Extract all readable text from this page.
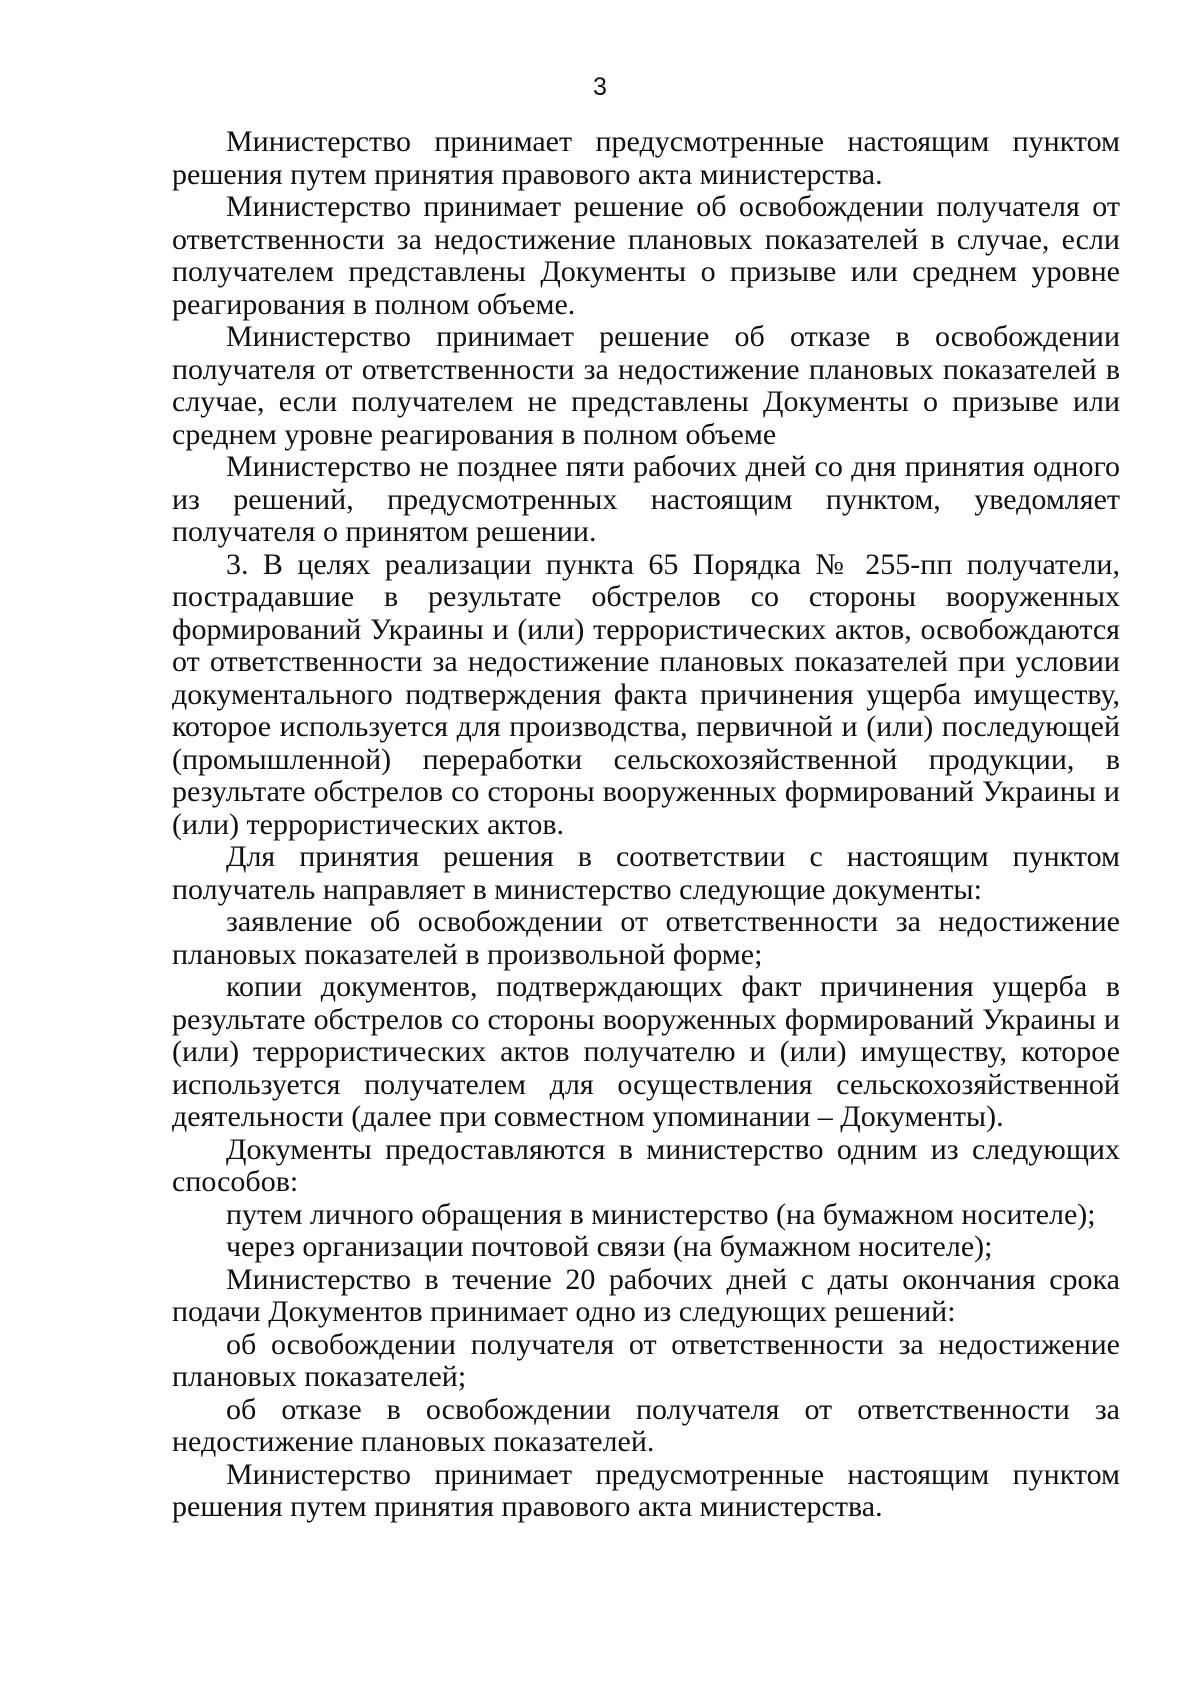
3

Министерство принимает предусмотренные настоящим пунктом решения путем принятия правового акта министерства.

Министерство принимает решение об освобождении получателя от ответственности за недостижение плановых показателей в случае, если получателем представлены Документы о призыве или среднем уровне реагирования в полном объеме.

Министерство принимает решение об отказе в освобождении получателя от ответственности за недостижение плановых показателей в случае, если получателем не представлены Документы о призыве или среднем уровне реагирования в полном объеме

Министерство не позднее пяти рабочих дней со дня принятия одного из решений, предусмотренных настоящим пунктом, уведомляет получателя о принятом решении.

3. В целях реализации пункта 65 Порядка № 255-пп получатели, пострадавшие в результате обстрелов со стороны вооруженных формирований Украины и (или) террористических актов, освобождаются от ответственности за недостижение плановых показателей при условии документального подтверждения факта причинения ущерба имуществу, которое используется для производства, первичной и (или) последующей (промышленной) переработки сельскохозяйственной продукции, в результате обстрелов со стороны вооруженных формирований Украины и (или) террористических актов.

Для принятия решения в соответствии с настоящим пунктом получатель направляет в министерство следующие документы:

заявление об освобождении от ответственности за недостижение плановых показателей в произвольной форме;

копии документов, подтверждающих факт причинения ущерба в результате обстрелов со стороны вооруженных формирований Украины и (или) террористических актов получателю и (или) имуществу, которое используется получателем для осуществления сельскохозяйственной деятельности (далее при совместном упоминании – Документы).

Документы предоставляются в министерство одним из следующих способов:

путем личного обращения в министерство (на бумажном носителе);

через организации почтовой связи (на бумажном носителе);

Министерство в течение 20 рабочих дней с даты окончания срока подачи Документов принимает одно из следующих решений:

об освобождении получателя от ответственности за недостижение плановых показателей;

об отказе в освобождении получателя от ответственности за недостижение плановых показателей.

Министерство принимает предусмотренные настоящим пунктом решения путем принятия правового акта министерства.
